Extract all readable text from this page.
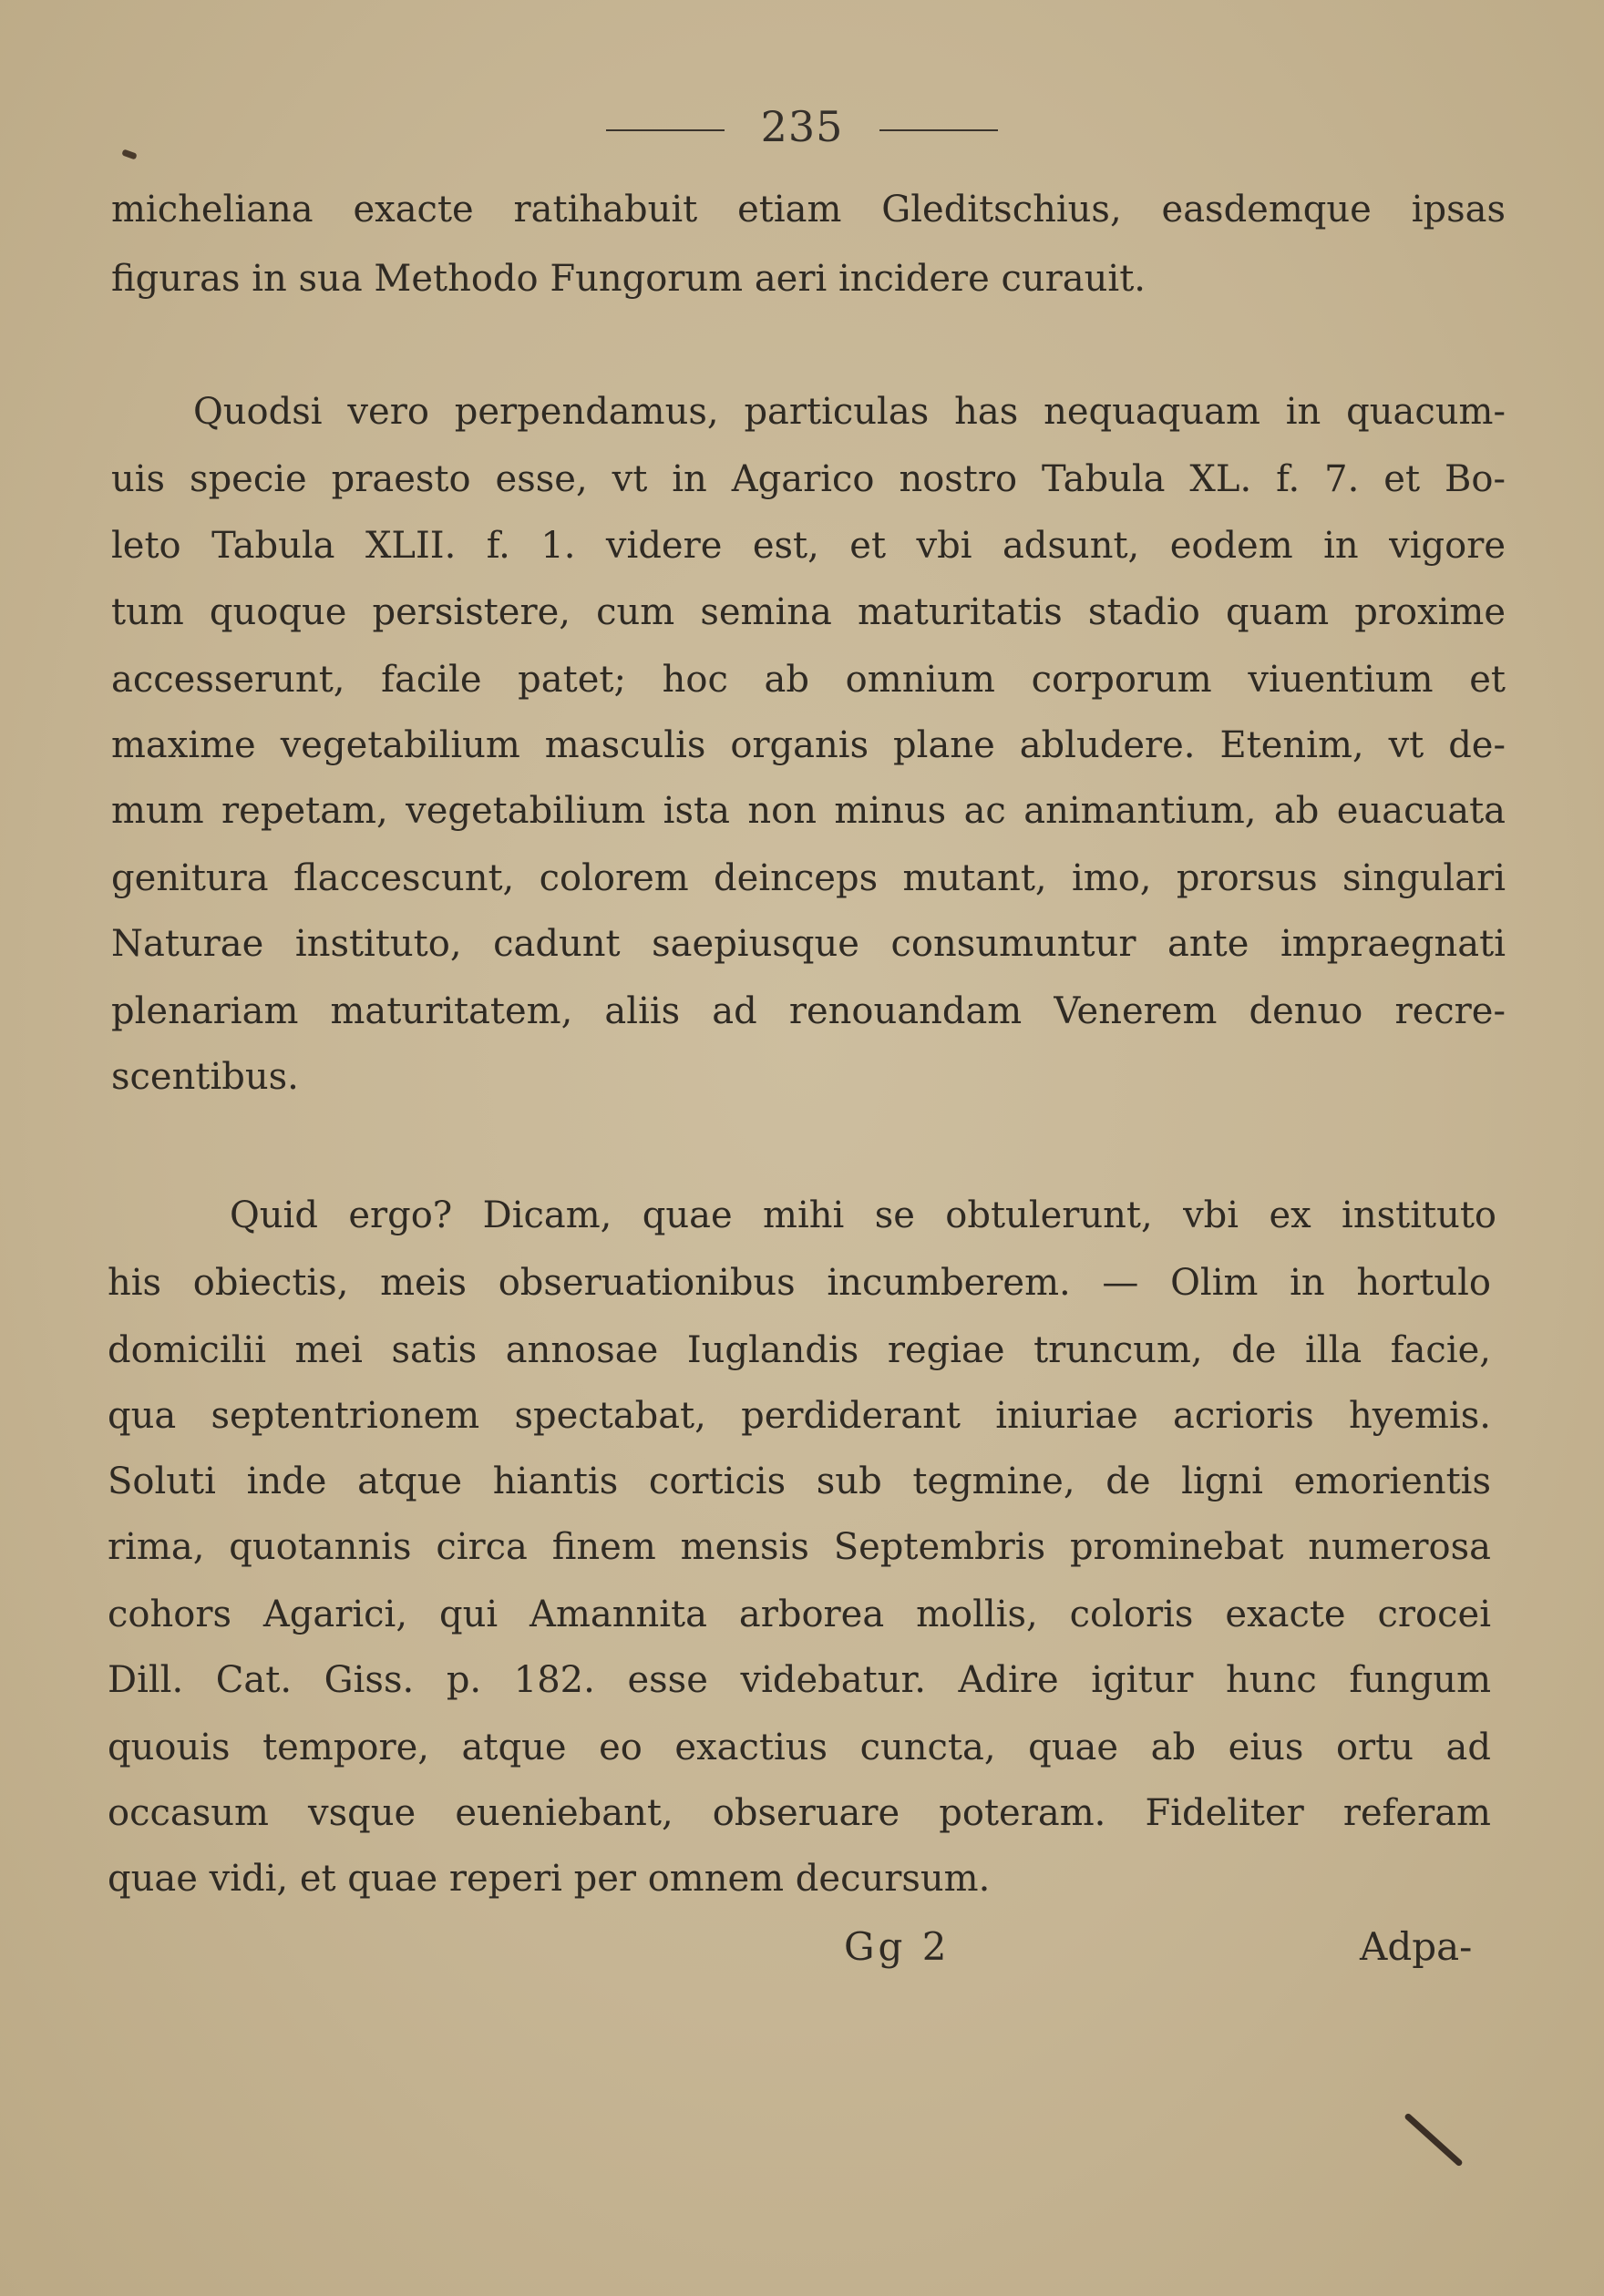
235
micheliana exacte ratihabuit etiam Gleditschius, easdemque ipsas
figuras in sua Methodo Fungorum aeri incidere curauit.
Quodsi vero perpendamus, particulas has nequaquam in quacum-
uis specie praesto esse, vt in Agarico nostro Tabula XL. f. 7. et Bo-
leto Tabula XLII. f. 1. videre est, et vbi adsunt, eodem in vigore
tum quoque persistere, cum semina maturitatis stadio quam proxime
accesserunt, facile patet; hoc ab omnium corporum viuentium et
maxime vegetabilium masculis organis plane abludere. Etenim, vt de-
mum repetam, vegetabilium ista non minus ac animantium, ab euacuata
genitura flaccescunt, colorem deinceps mutant, imo, prorsus singulari
Naturae instituto, cadunt saepiusque consumuntur ante impraegnati
plenariam maturitatem, aliis ad renouandam Venerem denuo recre-
scentibus.
Quid ergo? Dicam, quae mihi se obtulerunt, vbi ex instituto
his obiectis, meis obseruationibus incumberem. — Olim in hortulo
domicilii mei satis annosae Iuglandis regiae truncum, de illa facie,
qua septentrionem spectabat, perdiderant iniuriae acrioris hyemis.
Soluti inde atque hiantis corticis sub tegmine, de ligni emorientis
rima, quotannis circa finem mensis Septembris prominebat numerosa
cohors Agarici, qui Amannita arborea mollis, coloris exacte crocei
Dill. Cat. Giss. p. 182. esse videbatur. Adire igitur hunc fungum
quouis tempore, atque eo exactius cuncta, quae ab eius ortu ad
occasum vsque eueniebant, obseruare poteram. Fideliter referam
quae vidi, et quae reperi per omnem decursum.
Gg 2	Adpa-
